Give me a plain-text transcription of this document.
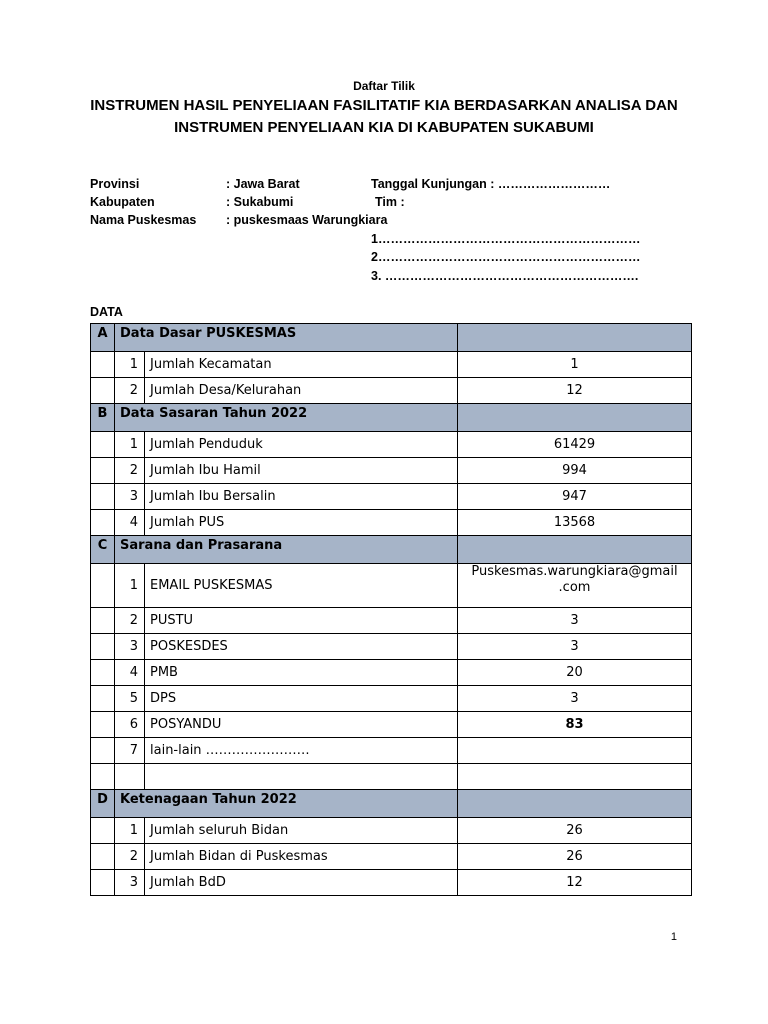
Daftar Tilik
INSTRUMEN HASIL PENYELIAAN FASILITATIF KIA BERDASARKAN ANALISA DAN
INSTRUMEN PENYELIAAN KIA DI KABUPATEN SUKABUMI
Provinsi	: Jawa Barat	Tanggal Kunjungan : ………………………
Kabupaten	: Sukabumi	Tim :
Nama Puskesmas : puskesmaas Warungkiara
1………………………………………………………
2………………………………………………………
3. …………………………………………………….
DATA
A	Data Dasar PUSKESMAS		
	1	Jumlah Kecamatan	1
	2	Jumlah Desa/Kelurahan	12
B	Data Sasaran Tahun 2022		
	1	Jumlah Penduduk	61429
	2	Jumlah Ibu Hamil	994
	3	Jumlah Ibu Bersalin	947
	4	Jumlah PUS	13568
C	Sarana dan Prasarana		
	1	EMAIL PUSKESMAS	Puskesmas.warungkiara@gmail
.com
	2	PUSTU	3
	3	POSKESDES	3
	4	PMB	20
	5	DPS	3
	6	POSYANDU	83
	7	lain-lain ……………………	

D	Ketenagaan Tahun 2022		
	1	Jumlah seluruh Bidan	26
	2	Jumlah Bidan di Puskesmas	26
	3	Jumlah BdD	12
1
